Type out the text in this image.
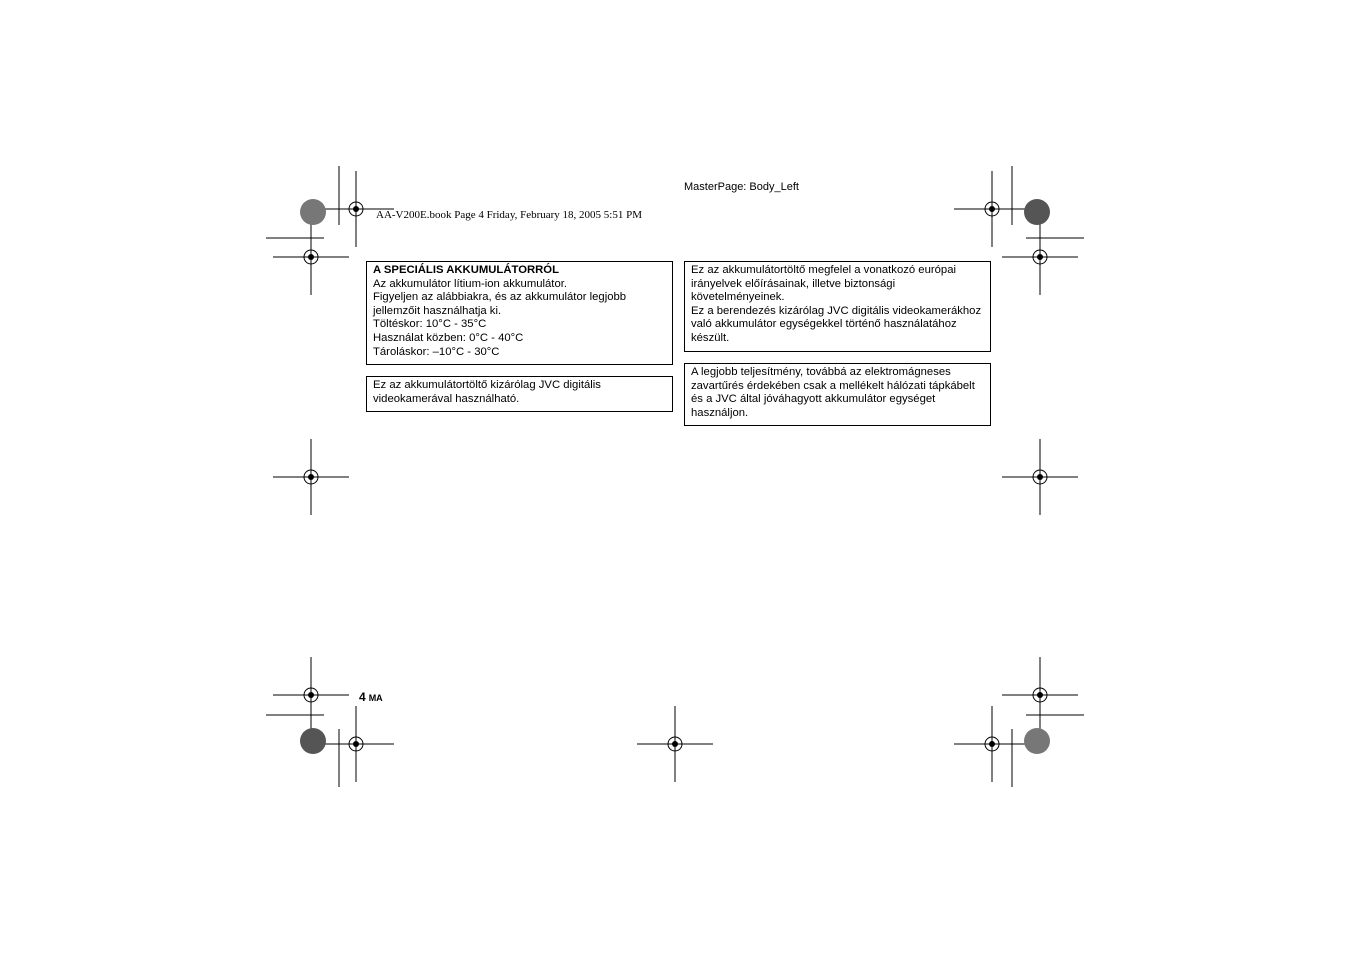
MasterPage: Body_Left
AA-V200E.book Page 4 Friday, February 18, 2005 5:51 PM

A SPECIÁLIS AKKUMULÁTORRÓL

Az akkumulátor lítium-ion akkumulátor.

Figyeljen az alábbiakra, és az akkumulátor legjobb jellemzőit használhatja ki.

Töltéskor: 10°C - 35°C

Használat közben: 0°C - 40°C

Tároláskor: –10°C - 30°C

Ez az akkumulátortöltő kizárólag JVC digitális videokamerával használható.

Ez az akkumulátortöltő megfelel a vonatkozó európai irányelvek előírásainak, illetve biztonsági követelményeinek.

Ez a berendezés kizárólag JVC digitális videokamerákhoz való akkumulátor egységekkel történő használatához készült.

A legjobb teljesítmény, továbbá az elektromágneses zavartűrés érdekében csak a mellékelt hálózati tápkábelt és a JVC által jóváhagyott akkumulátor egységet használjon.

4 MA
